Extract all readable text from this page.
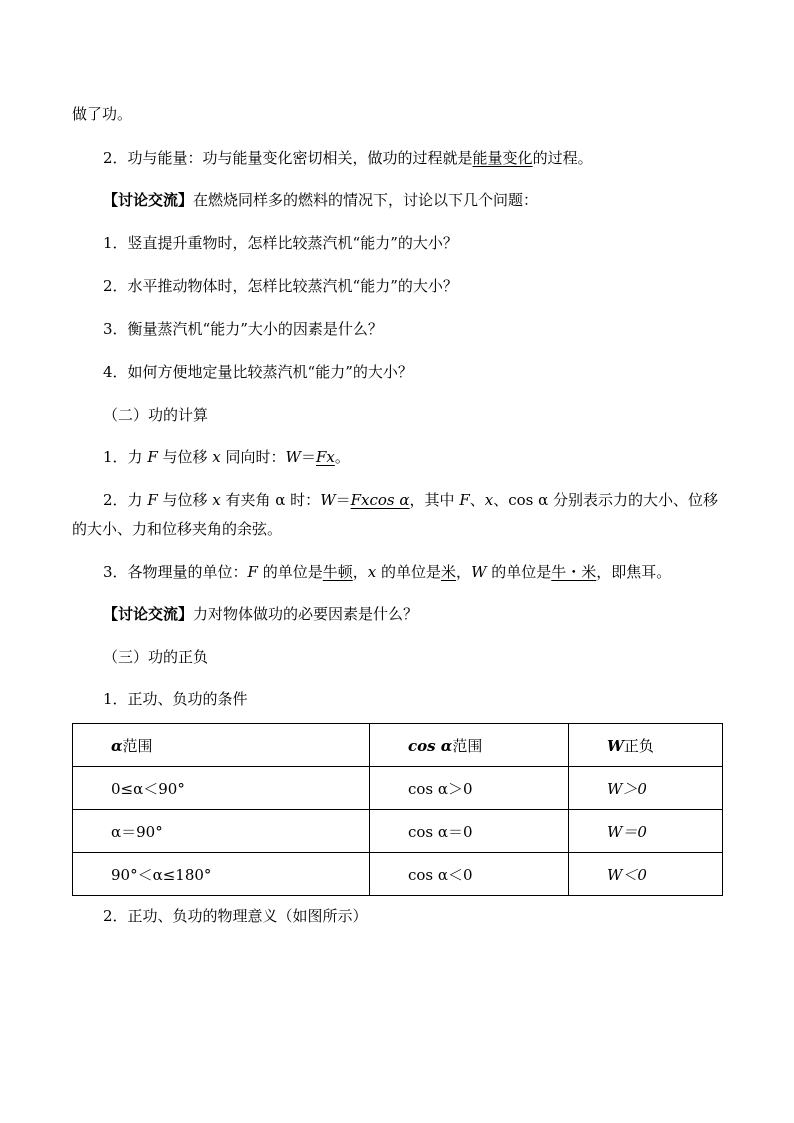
做了功。
2．功与能量：功与能量变化密切相关，做功的过程就是能量变化的过程。
【讨论交流】在燃烧同样多的燃料的情况下，讨论以下几个问题：
1．竖直提升重物时，怎样比较蒸汽机“能力”的大小？
2．水平推动物体时，怎样比较蒸汽机“能力”的大小？
3．衡量蒸汽机“能力”大小的因素是什么？
4．如何方便地定量比较蒸汽机“能力”的大小？
（二）功的计算
1．力 F 与位移 x 同向时：W＝Fx。
2．力 F 与位移 x 有夹角 α 时：W＝Fxcos α，其中 F、x、cos α 分别表示力的大小、位移
的大小、力和位移夹角的余弦。
3．各物理量的单位：F 的单位是牛顿，x 的单位是米，W 的单位是牛・米，即焦耳。
【讨论交流】力对物体做功的必要因素是什么？
（三）功的正负
1．正功、负功的条件
α范围	cos α范围	W正负
0≤α＜90°	cos α＞0	W＞0
α＝90°	cos α＝0	W＝0
90°＜α≤180°	cos α＜0	W＜0
2．正功、负功的物理意义（如图所示）
